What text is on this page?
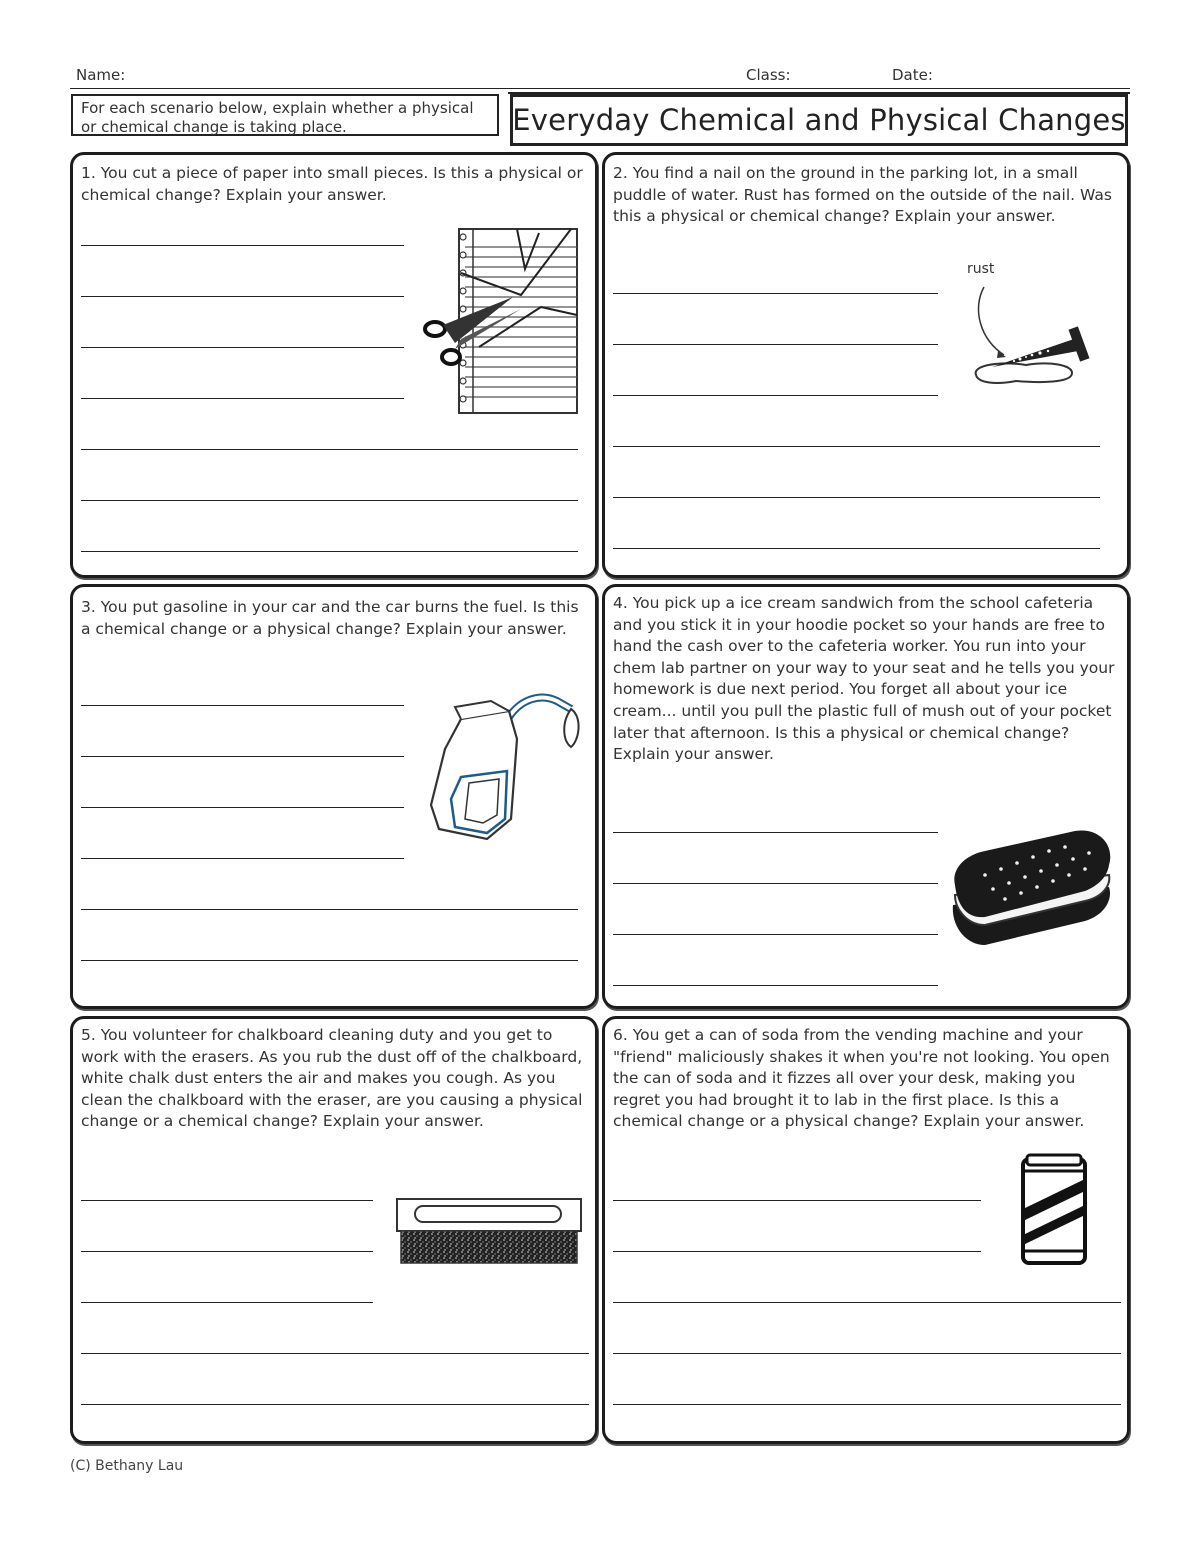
Name:	Class:	Date:
For each scenario below, explain whether a physical or chemical change is taking place.	Everyday Chemical and Physical Changes
1. You cut a piece of paper into small pieces. Is this a physical or chemical change? Explain your answer.
2. You find a nail on the ground in the parking lot, in a small puddle of water. Rust has formed on the outside of the nail. Was this a physical or chemical change? Explain your answer.
rust
3. You put gasoline in your car and the car burns the fuel. Is this a chemical change or a physical change? Explain your answer.
4. You pick up a ice cream sandwich from the school cafeteria and you stick it in your hoodie pocket so your hands are free to hand the cash over to the cafeteria worker. You run into your chem lab partner on your way to your seat and he tells you your homework is due next period. You forget all about your ice cream... until you pull the plastic full of mush out of your pocket later that afternoon. Is this a physical or chemical change? Explain your answer.
5. You volunteer for chalkboard cleaning duty and you get to work with the erasers. As you rub the dust off of the chalkboard, white chalk dust enters the air and makes you cough. As you clean the chalkboard with the eraser, are you causing a physical change or a chemical change? Explain your answer.
6. You get a can of soda from the vending machine and your "friend" maliciously shakes it when you're not looking. You open the can of soda and it fizzes all over your desk, making you regret you had brought it to lab in the first place. Is this a chemical change or a physical change? Explain your answer.
(C) Bethany Lau
